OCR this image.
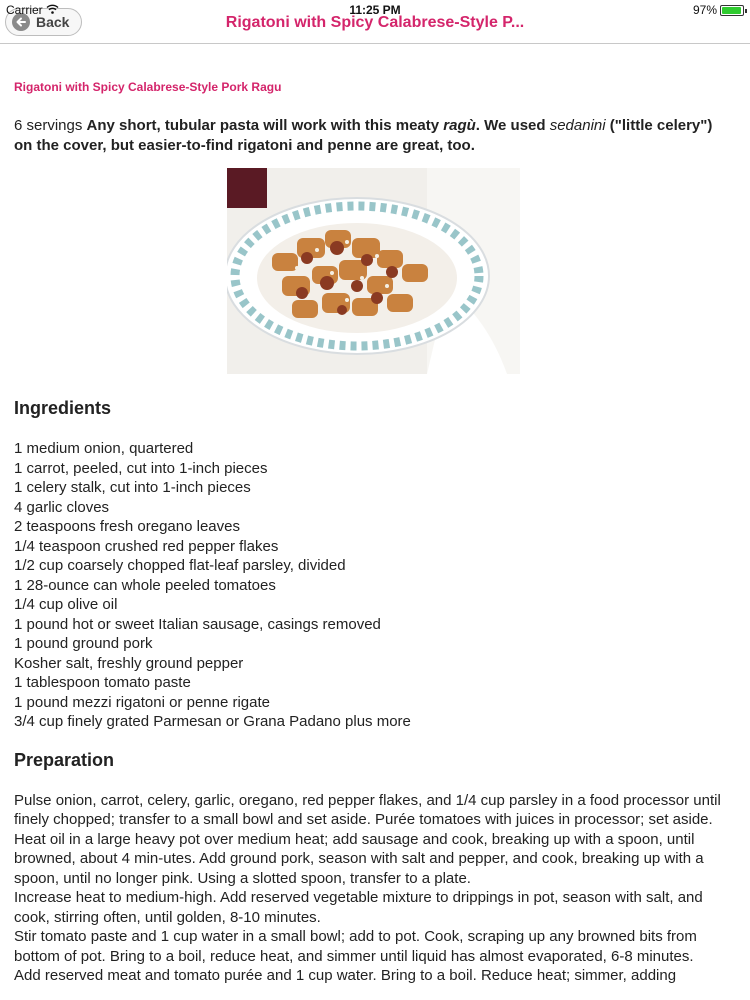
Back	Rigatoni with Spicy Calabrese-Style P...
Carrier	11:25 PM	97%
Rigatoni with Spicy Calabrese-Style Pork Ragu

6 servings Any short, tubular pasta will work with this meaty ragù. We used sedanini ("little celery") on the cover, but easier-to-find rigatoni and penne are great, too.

Ingredients
1 medium onion, quartered
1 carrot, peeled, cut into 1-inch pieces
1 celery stalk, cut into 1-inch pieces
4 garlic cloves
2 teaspoons fresh oregano leaves
1/4 teaspoon crushed red pepper flakes
1/2 cup coarsely chopped flat-leaf parsley, divided
1 28-ounce can whole peeled tomatoes
1/4 cup olive oil
1 pound hot or sweet Italian sausage, casings removed
1 pound ground pork
Kosher salt, freshly ground pepper
1 tablespoon tomato paste
1 pound mezzi rigatoni or penne rigate
3/4 cup finely grated Parmesan or Grana Padano plus more
Preparation
Pulse onion, carrot, celery, garlic, oregano, red pepper flakes, and 1/4 cup parsley in a food processor until finely chopped; transfer to a small bowl and set aside. Purée tomatoes with juices in processor; set aside.
Heat oil in a large heavy pot over medium heat; add sausage and cook, breaking up with a spoon, until browned, about 4 min-utes. Add ground pork, season with salt and pepper, and cook, breaking up with a spoon, until no longer pink. Using a slotted spoon, transfer to a plate.
Increase heat to medium-high. Add reserved vegetable mixture to drippings in pot, season with salt, and cook, stirring often, until golden, 8-10 minutes.
Stir tomato paste and 1 cup water in a small bowl; add to pot. Cook, scraping up any browned bits from bottom of pot. Bring to a boil, reduce heat, and simmer until liquid has almost evaporated, 6-8 minutes.
Add reserved meat and tomato purée and 1 cup water. Bring to a boil. Reduce heat; simmer, adding
